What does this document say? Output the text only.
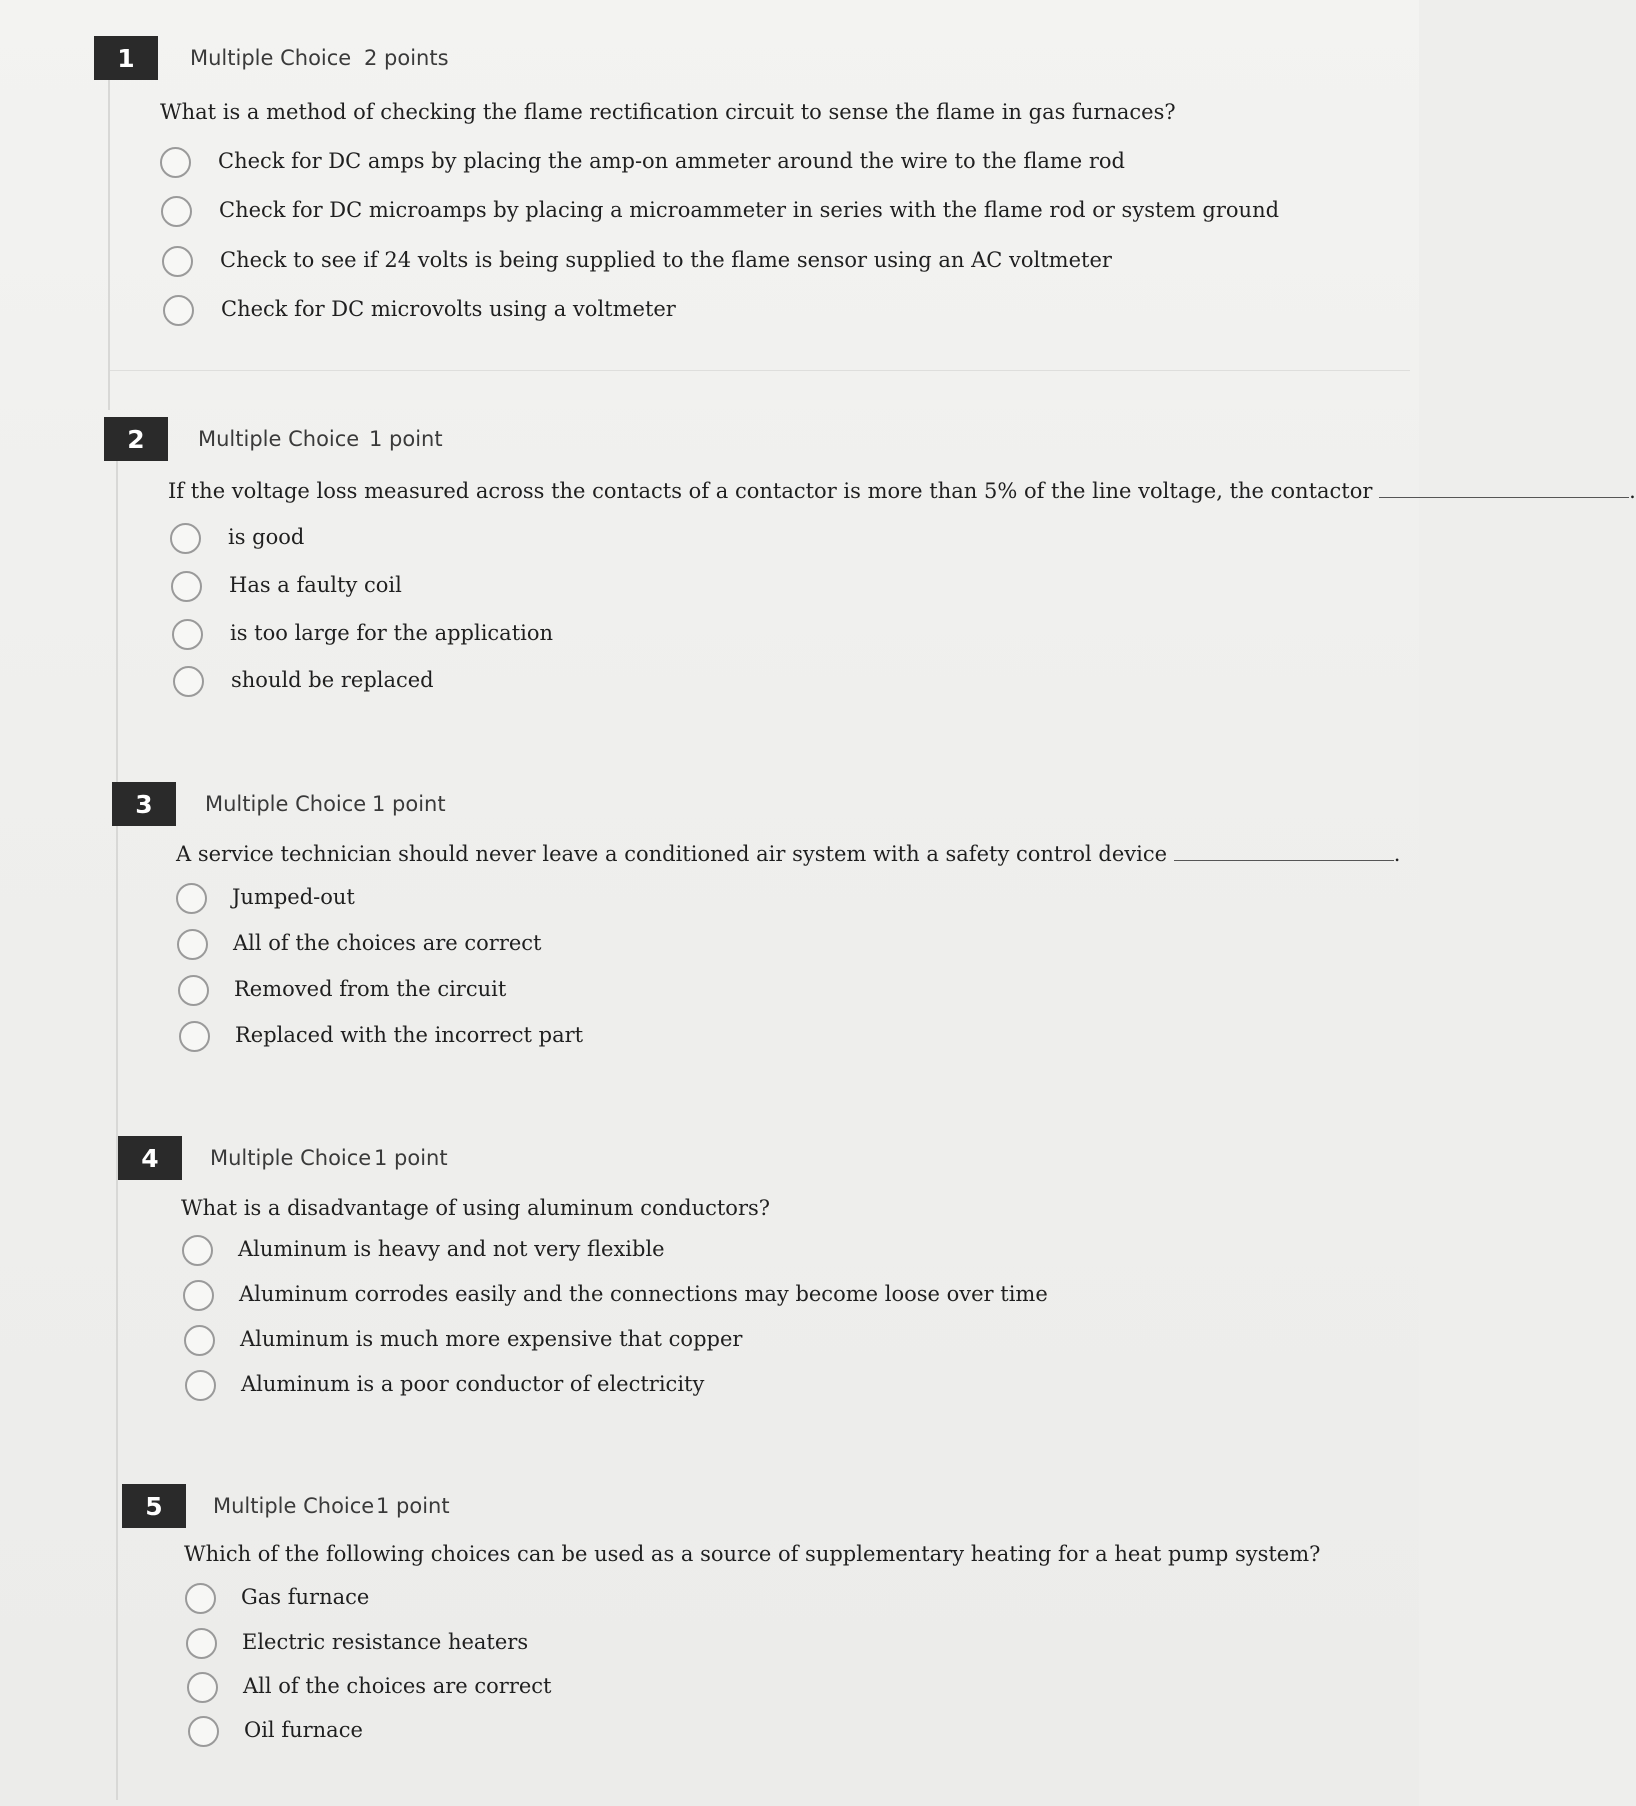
1	Multiple Choice 2 points
What is a method of checking the flame rectification circuit to sense the flame in gas furnaces?
Check for DC amps by placing the amp-on ammeter around the wire to the flame rod
Check for DC microamps by placing a microammeter in series with the flame rod or system ground
Check to see if 24 volts is being supplied to the flame sensor using an AC voltmeter
Check for DC microvolts using a voltmeter
2	Multiple Choice 1 point
If the voltage loss measured across the contacts of a contactor is more than 5% of the line voltage, the contactor	.
is good
Has a faulty coil
is too large for the application
should be replaced
3	Multiple Choice 1 point
A service technician should never leave a conditioned air system with a safety control device	.
Jumped-out
All of the choices are correct
Removed from the circuit
Replaced with the incorrect part
4	Multiple Choice 1 point
What is a disadvantage of using aluminum conductors?
Aluminum is heavy and not very flexible
Aluminum corrodes easily and the connections may become loose over time
Aluminum is much more expensive that copper
Aluminum is a poor conductor of electricity
5	Multiple Choice 1 point
Which of the following choices can be used as a source of supplementary heating for a heat pump system?
Gas furnace
Electric resistance heaters
All of the choices are correct
Oil furnace
